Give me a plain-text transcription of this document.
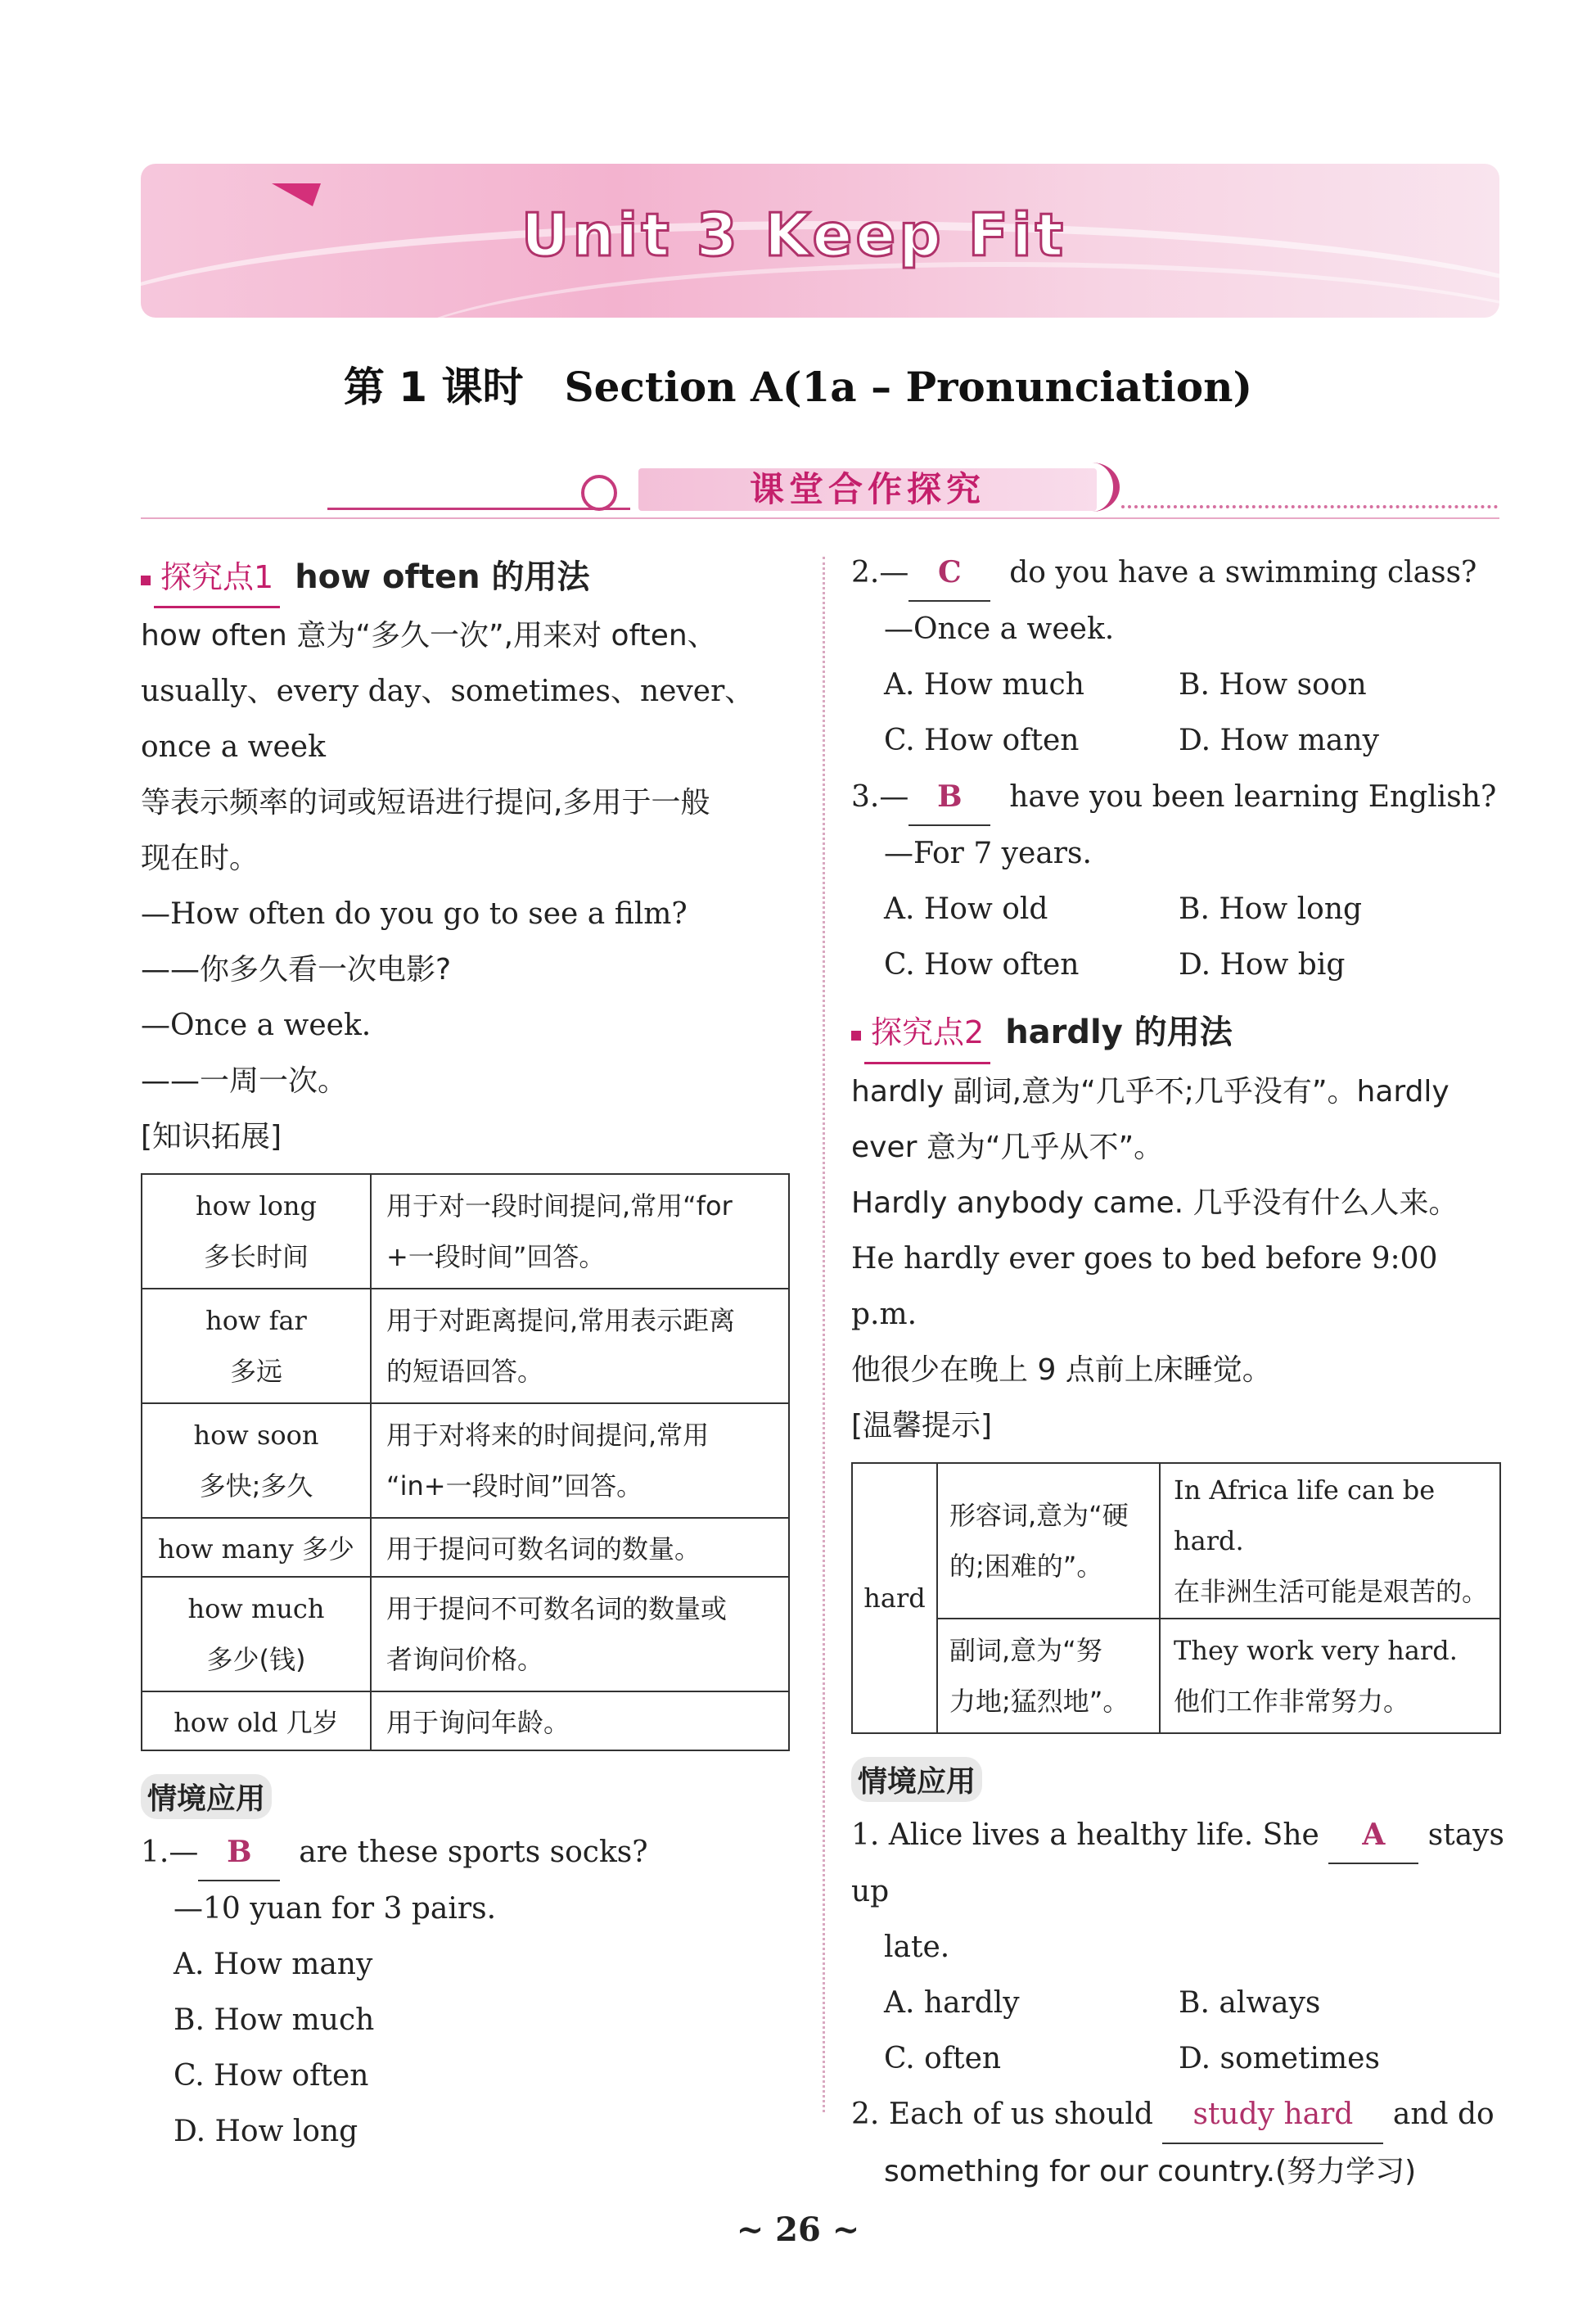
Unit 3 Keep Fit
第 1 课时 Section A(1a – Pronunciation)
课堂合作探究
探究点1 how often 的用法
how often 意为“多久一次”,用来对 often、
usually、every day、sometimes、never、once a week
等表示频率的词或短语进行提问,多用于一般
现在时。
—How often do you go to see a film?
——你多久看一次电影?
—Once a week.
——一周一次。
[知识拓展]
how long
多长时间	用于对一段时间提问,常用“for
+一段时间”回答。
how far
多远	用于对距离提问,常用表示距离
的短语回答。
how soon
多快;多久	用于对将来的时间提问,常用
“in+一段时间”回答。
how many 多少	用于提问可数名词的数量。
how much
多少(钱)	用于提问不可数名词的数量或
者询问价格。
how old 几岁	用于询问年龄。
情境应用
1.— B are these sports socks?
—10 yuan for 3 pairs.
A. How many
B. How much
C. How often
D. How long
2.— C do you have a swimming class?
—Once a week.
A. How much	B. How soon
C. How often	D. How many
3.— B have you been learning English?
—For 7 years.
A. How old	B. How long
C. How often	D. How big
探究点2 hardly 的用法
hardly 副词,意为“几乎不;几乎没有”。hardly
ever 意为“几乎从不”。
Hardly anybody came. 几乎没有什么人来。
He hardly ever goes to bed before 9:00 p.m.
他很少在晚上 9 点前上床睡觉。
[温馨提示]
hard	形容词,意为“硬
的;困难的”。	In Africa life can be hard.
在非洲生活可能是艰苦的。
	副词,意为“努
力地;猛烈地”。	They work very hard.
他们工作非常努力。
情境应用
1. Alice lives a healthy life. She A stays up
late.
A. hardly	B. always
C. often	D. sometimes
2. Each of us should study hard and do
something for our country.(努力学习)
~ 26 ~
